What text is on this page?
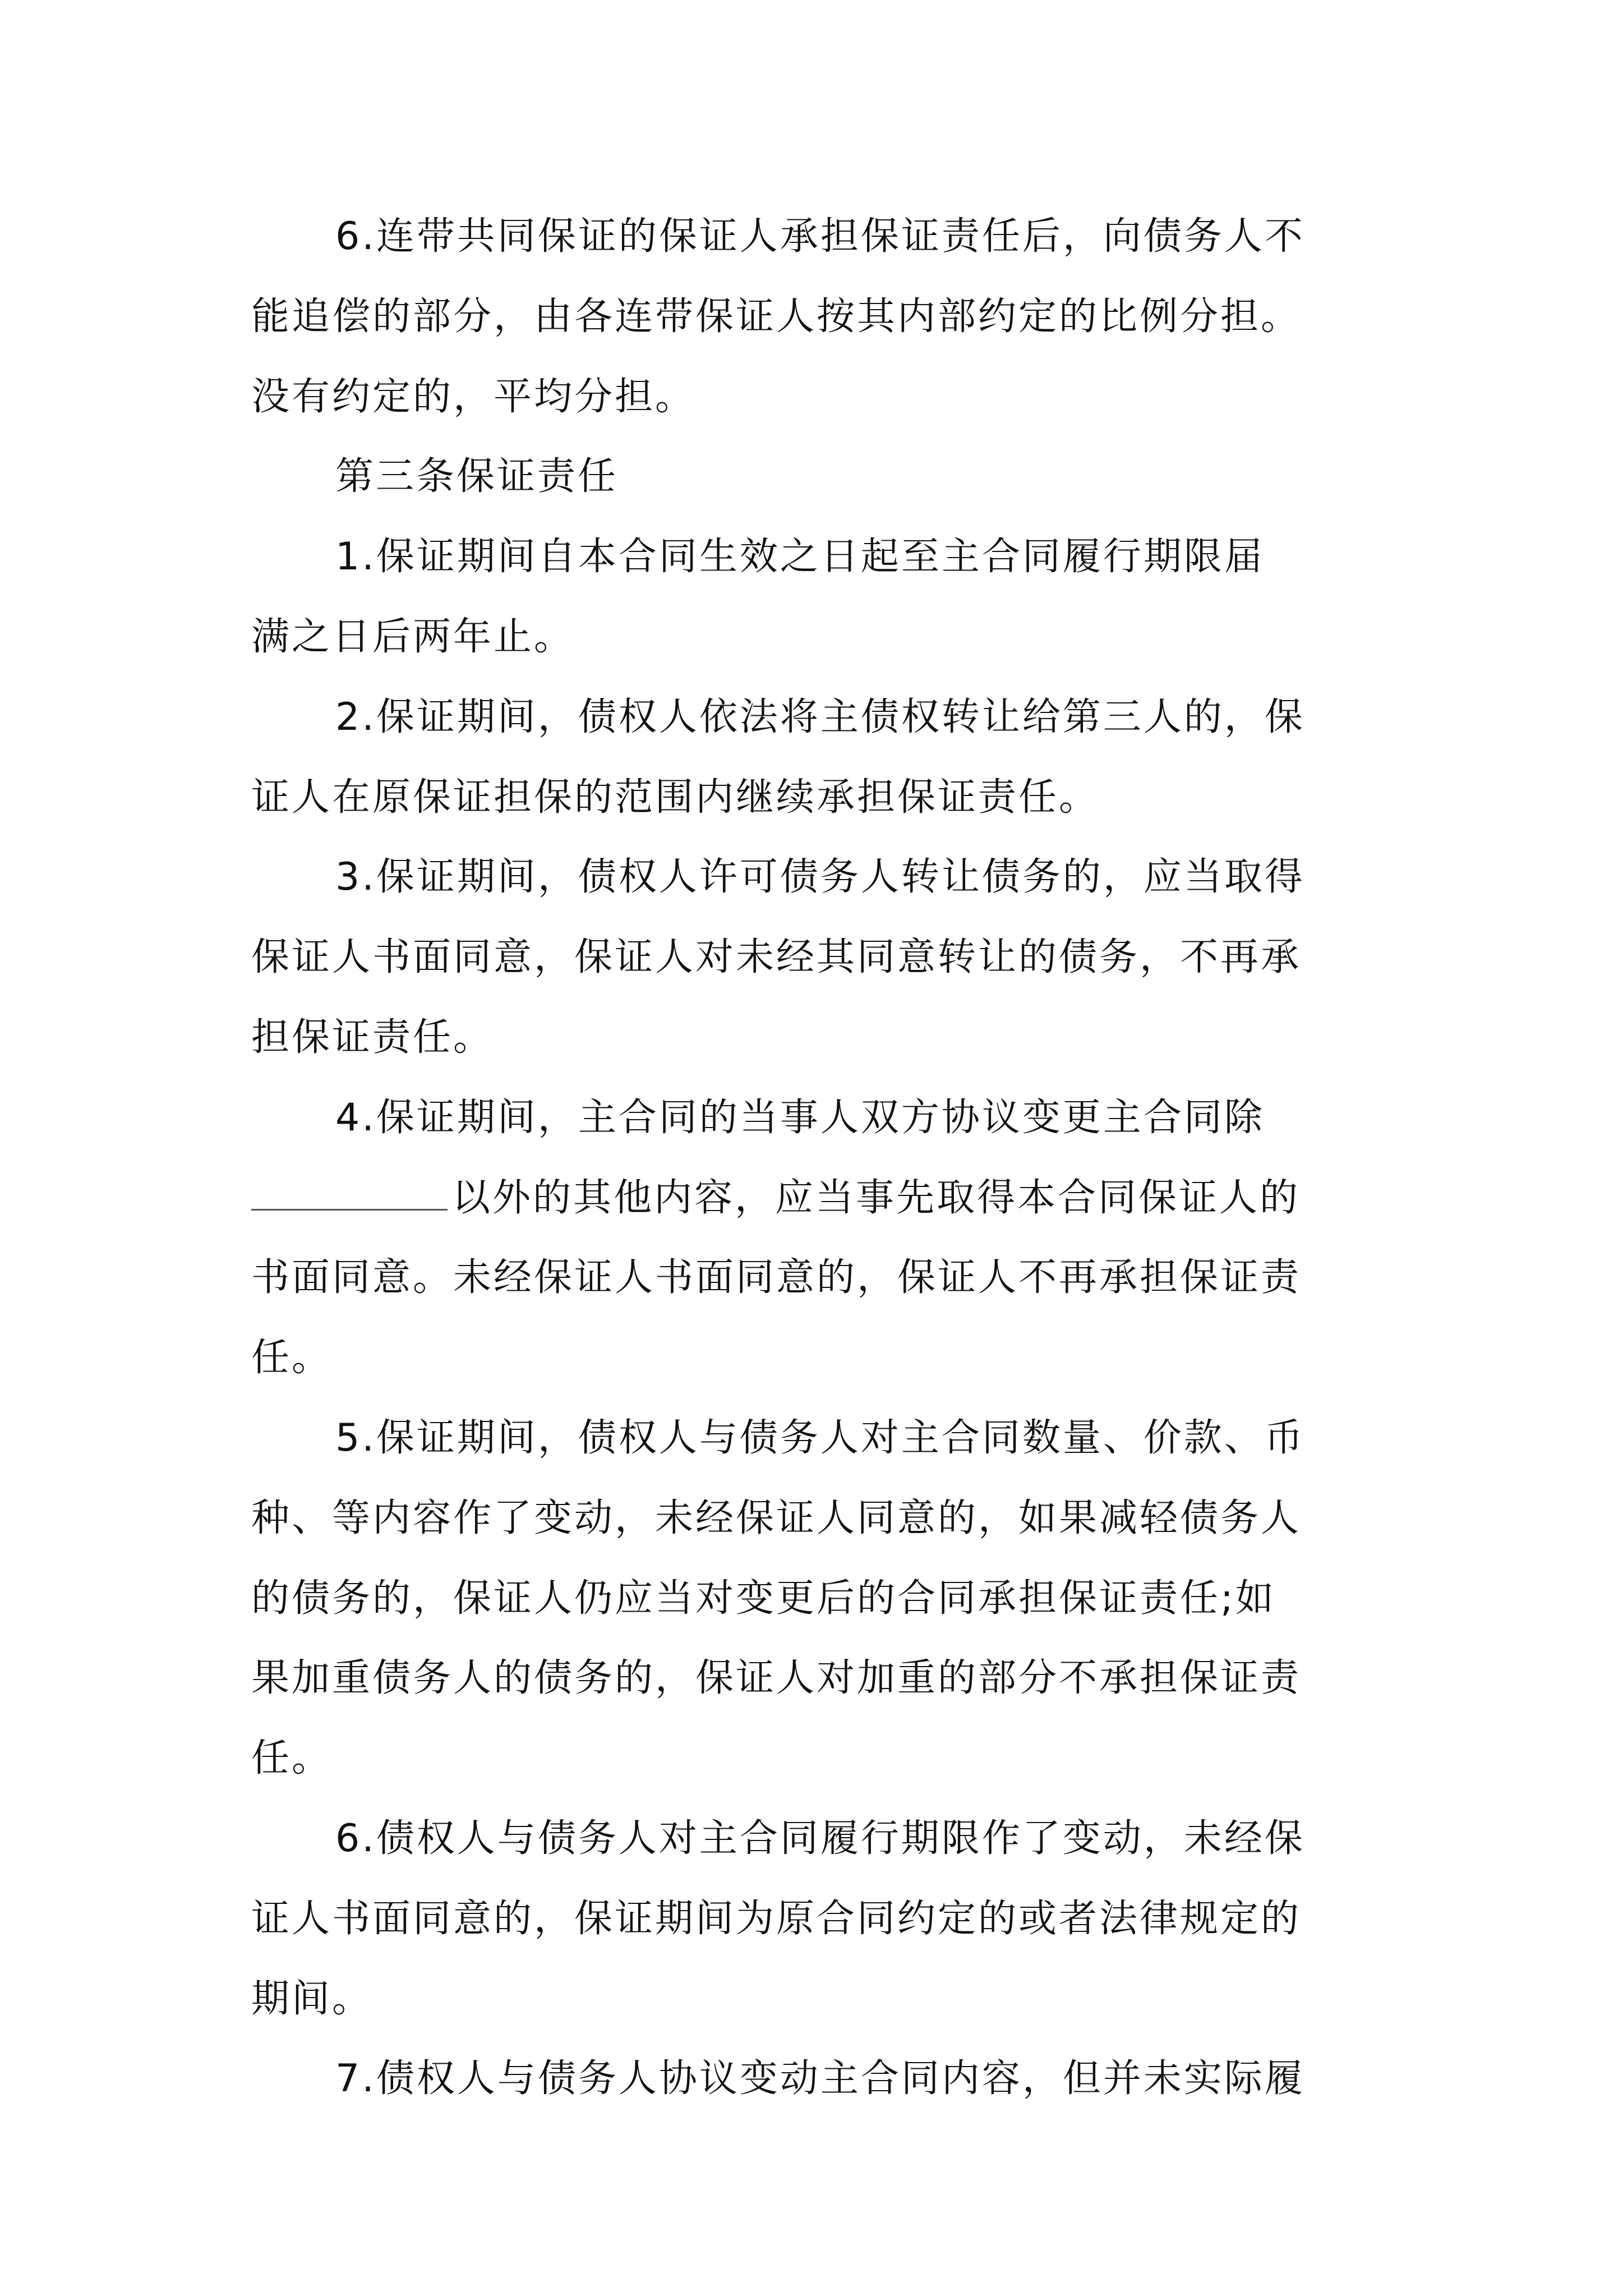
6.连带共同保证的保证人承担保证责任后，向债务人不
能追偿的部分，由各连带保证人按其内部约定的比例分担。
没有约定的，平均分担。
第三条保证责任
1.保证期间自本合同生效之日起至主合同履行期限届
满之日后两年止。
2.保证期间，债权人依法将主债权转让给第三人的，保
证人在原保证担保的范围内继续承担保证责任。
3.保证期间，债权人许可债务人转让债务的，应当取得
保证人书面同意，保证人对未经其同意转让的债务，不再承
担保证责任。
4.保证期间，主合同的当事人双方协议变更主合同除
以外的其他内容，应当事先取得本合同保证人的
书面同意。未经保证人书面同意的，保证人不再承担保证责
任。
5.保证期间，债权人与债务人对主合同数量、价款、币
种、等内容作了变动，未经保证人同意的，如果减轻债务人
的债务的，保证人仍应当对变更后的合同承担保证责任;如
果加重债务人的债务的，保证人对加重的部分不承担保证责
任。
6.债权人与债务人对主合同履行期限作了变动，未经保
证人书面同意的，保证期间为原合同约定的或者法律规定的
期间。
7.债权人与债务人协议变动主合同内容，但并未实际履
